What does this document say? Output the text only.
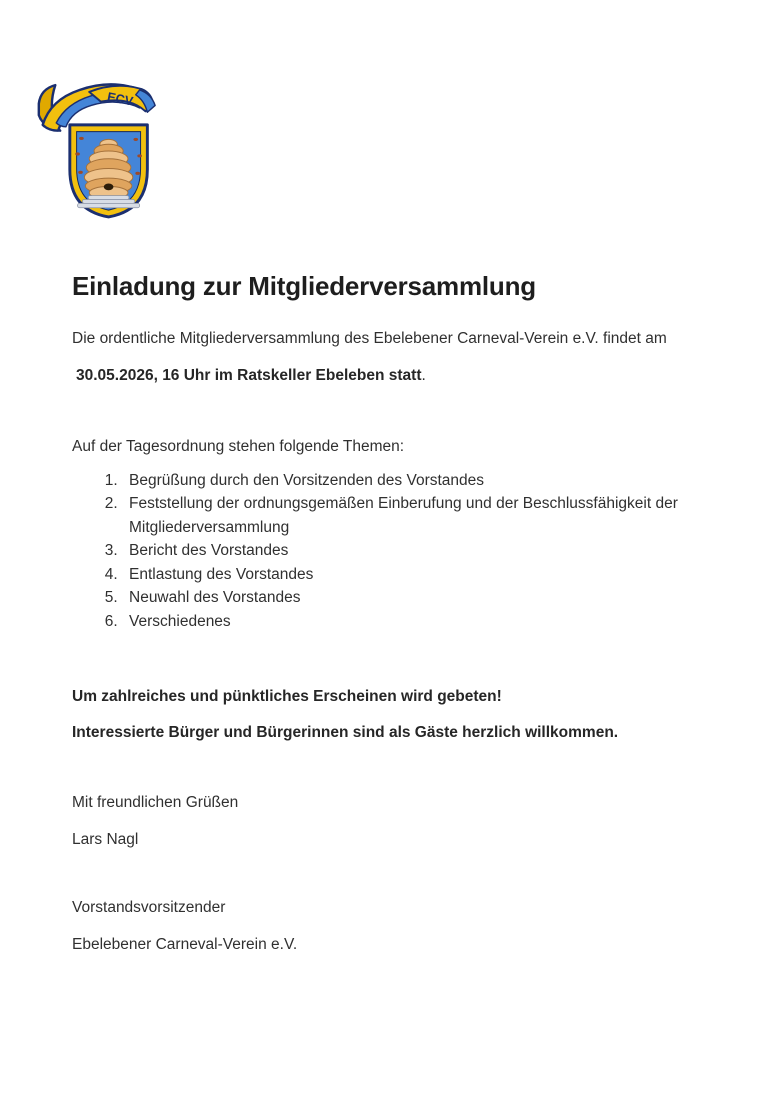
ECV
Einladung zur Mitgliederversammlung

Die ordentliche Mitgliederversammlung des Ebelebener Carneval-Verein e.V. findet am

30.05.2026, 16 Uhr im Ratskeller Ebeleben statt.

Auf der Tagesordnung stehen folgende Themen:

1. Begrüßung durch den Vorsitzenden des Vorstandes
2. Feststellung der ordnungsgemäßen Einberufung und der Beschlussfähigkeit der Mitgliederversammlung
3. Bericht des Vorstandes
4. Entlastung des Vorstandes
5. Neuwahl des Vorstandes
6. Verschiedenes

Um zahlreiches und pünktliches Erscheinen wird gebeten!

Interessierte Bürger und Bürgerinnen sind als Gäste herzlich willkommen.

Mit freundlichen Grüßen

Lars Nagl

Vorstandsvorsitzender

Ebelebener Carneval-Verein e.V.
